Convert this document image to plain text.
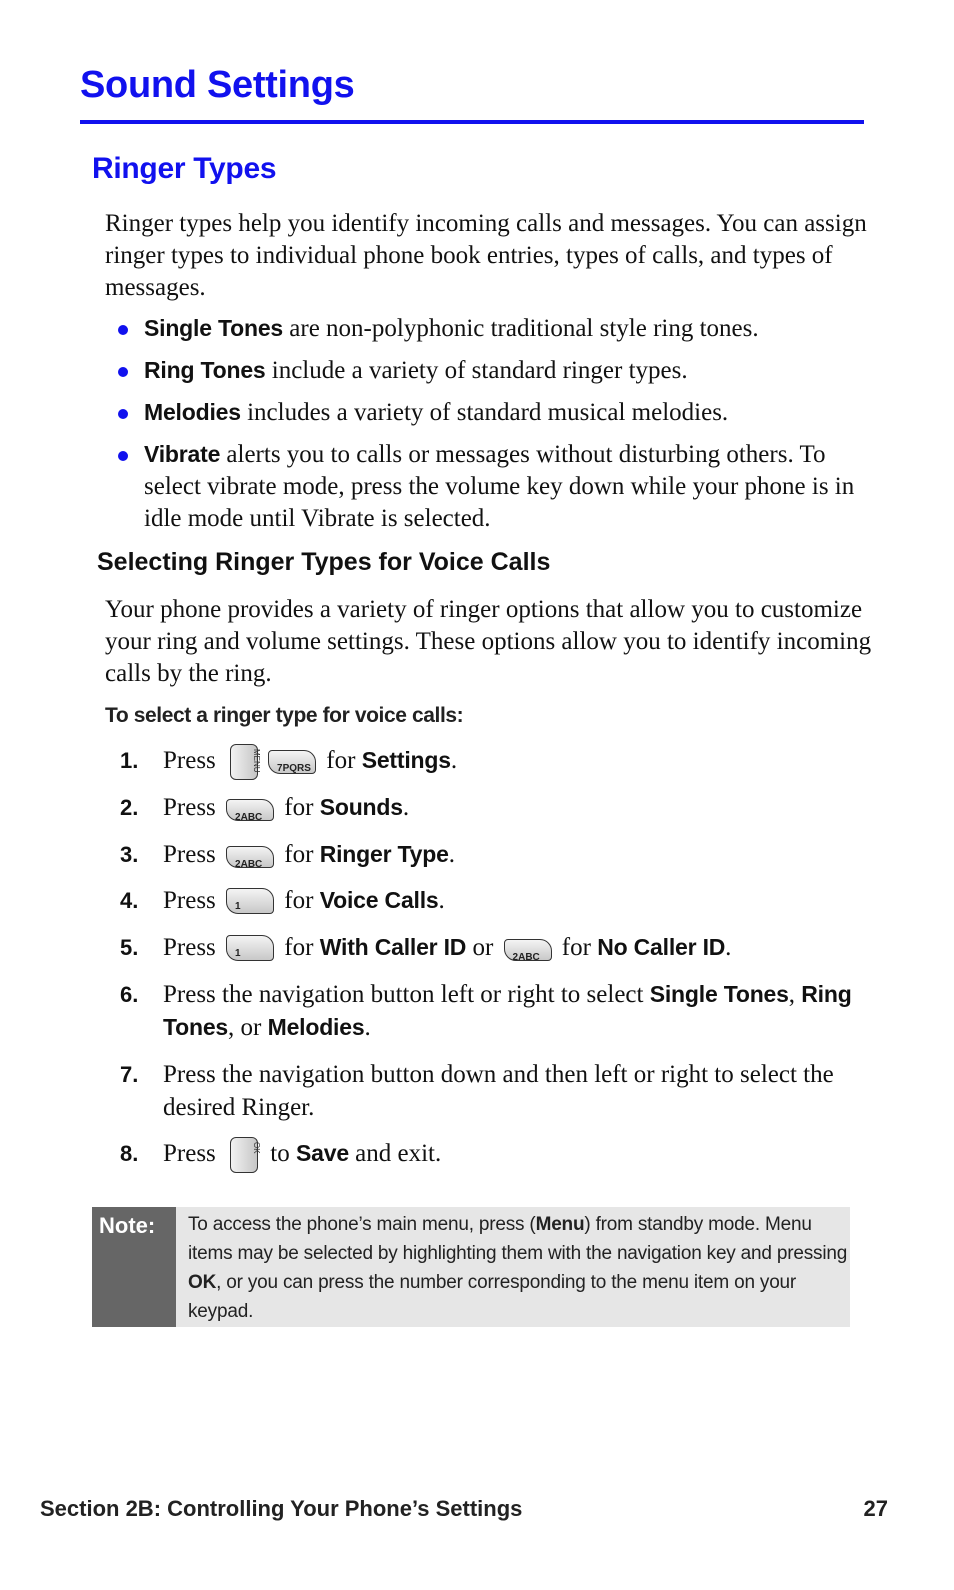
Sound Settings
Ringer Types

Ringer types help you identify incoming calls and messages. You can assign ringer types to individual phone book entries, types of calls, and types of messages.

Single Tones are non-polyphonic traditional style ring tones.
Ring Tones include a variety of standard ringer types.
Melodies includes a variety of standard musical melodies.
Vibrate alerts you to calls or messages without disturbing others. To select vibrate mode, press the volume key down while your phone is in idle mode until Vibrate is selected.
Selecting Ringer Types for Voice Calls

Your phone provides a variety of ringer options that allow you to customize your ring and volume settings. These options allow you to identify incoming calls by the ring.

To select a ringer type for voice calls:
1. Press	MENU	7PQRS for Settings.
2. Press 2ABC for Sounds.
3. Press 2ABC for Ringer Type.
4. Press 1 for Voice Calls.
5. Press 1 for With Caller ID or 2ABC for No Caller ID.
6. Press the navigation button left or right to select Single Tones, Ring Tones, or Melodies.
7. Press the navigation button down and then left or right to select the desired Ringer.
8. Press	OK to Save and exit.
Note:	To access the phone’s main menu, press (Menu) from standby mode. Menu items may be selected by highlighting them with the navigation key and pressing OK, or you can press the number corresponding to the menu item on your keypad.

Section 2B: Controlling Your Phone’s Settings	27
